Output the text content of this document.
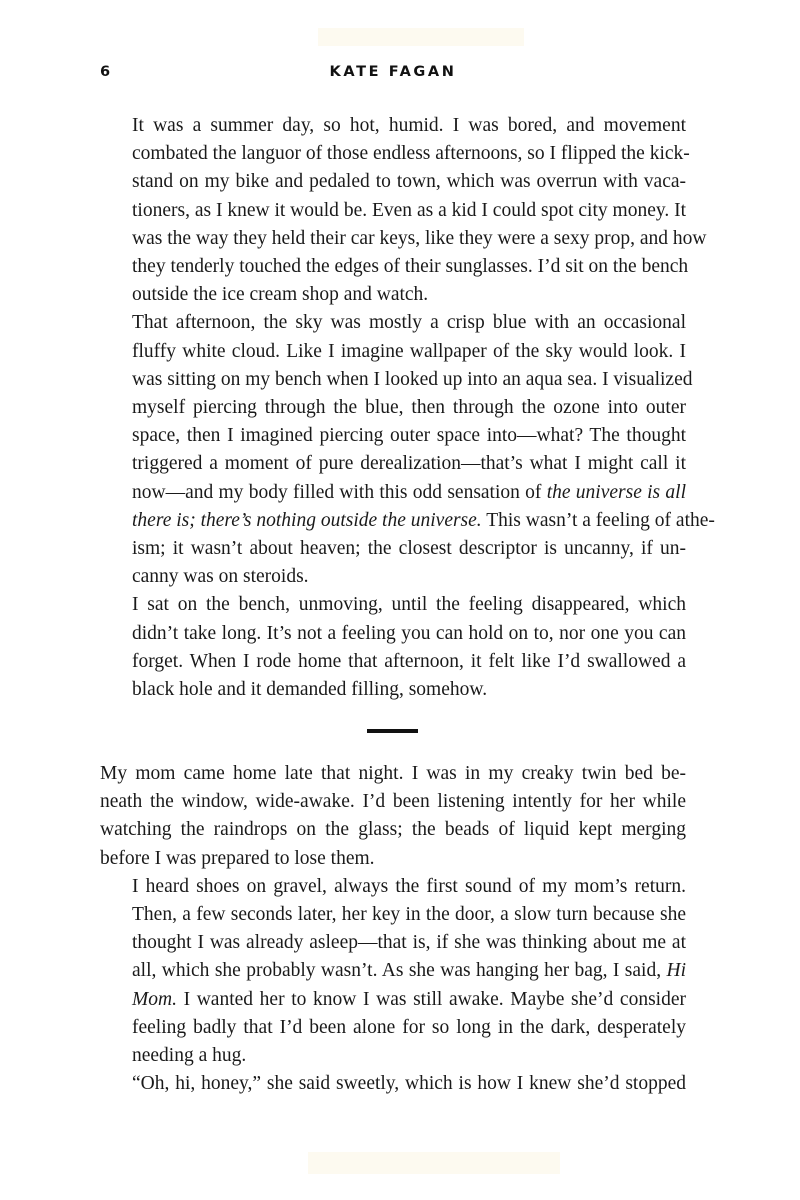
6	KATE FAGAN

It was a summer day, so hot, humid. I was bored, and movement
combated the languor of those endless afternoons, so I flipped the kick-
stand on my bike and pedaled to town, which was overrun with vaca-
tioners, as I knew it would be. Even as a kid I could spot city money. It
was the way they held their car keys, like they were a sexy prop, and how
they tenderly touched the edges of their sunglasses. I’d sit on the bench
outside the ice cream shop and watch.

That afternoon, the sky was mostly a crisp blue with an occasional
fluffy white cloud. Like I imagine wallpaper of the sky would look. I
was sitting on my bench when I looked up into an aqua sea. I visualized
myself piercing through the blue, then through the ozone into outer
space, then I imagined piercing outer space into—what? The thought
triggered a moment of pure derealization—that’s what I might call it
now—and my body filled with this odd sensation of the universe is all
there is; there’s nothing outside the universe. This wasn’t a feeling of athe-
ism; it wasn’t about heaven; the closest descriptor is uncanny, if un-
canny was on steroids.

I sat on the bench, unmoving, until the feeling disappeared, which
didn’t take long. It’s not a feeling you can hold on to, nor one you can
forget. When I rode home that afternoon, it felt like I’d swallowed a
black hole and it demanded filling, somehow.

My mom came home late that night. I was in my creaky twin bed be-
neath the window, wide-awake. I’d been listening intently for her while
watching the raindrops on the glass; the beads of liquid kept merging
before I was prepared to lose them.

I heard shoes on gravel, always the first sound of my mom’s return.
Then, a few seconds later, her key in the door, a slow turn because she
thought I was already asleep—that is, if she was thinking about me at
all, which she probably wasn’t. As she was hanging her bag, I said, Hi
Mom. I wanted her to know I was still awake. Maybe she’d consider
feeling badly that I’d been alone for so long in the dark, desperately
needing a hug.

“Oh, hi, honey,” she said sweetly, which is how I knew she’d stopped
